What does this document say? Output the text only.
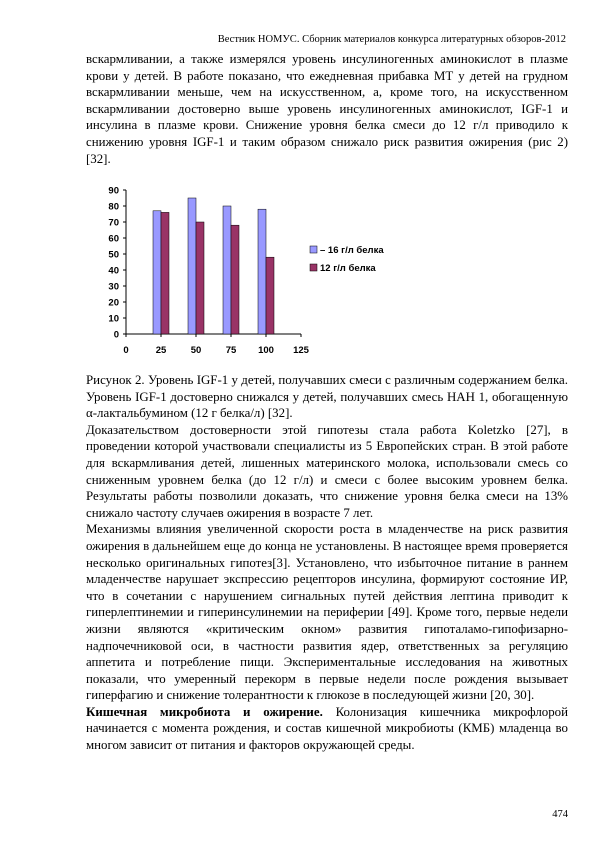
Вестник НОМУС. Сборник материалов конкурса литературных обзоров-2012

вскармливании, а также измерялся уровень инсулиногенных аминокислот в плазме крови у детей. В работе показано, что ежедневная прибавка МТ у детей на грудном вскармливании меньше, чем на искусственном, а, кроме того, на искусственном вскармливании достоверно выше уровень инсулиногенных аминокислот, IGF-1 и инсулина в плазме крови. Снижение уровня белка смеси до 12 г/л приводило к снижению уровня IGF-1 и таким образом снижало риск развития ожирения (рис 2) [32].

0
10
20
30
40
50
60
70
80
90
0	25	50	75 100 125
– 16 г/л белка
12 г/л белка

Рисунок 2. Уровень IGF-1 у детей, получавших смеси с различным содержанием белка. Уровень IGF-1 достоверно снижался у детей, получавших смесь НАН 1, обогащенную α-лактальбумином (12 г белка/л) [32].

Доказательством достоверности этой гипотезы стала работа Koletzko [27], в проведении которой участвовали специалисты из 5 Европейских стран. В этой работе для вскармливания детей, лишенных материнского молока, использовали смесь со сниженным уровнем белка (до 12 г/л) и смеси с более высоким уровнем белка. Результаты работы позволили доказать, что снижение уровня белка смеси на 13% снижало частоту случаев ожирения в возрасте 7 лет.

Механизмы влияния увеличенной скорости роста в младенчестве на риск развития ожирения в дальнейшем еще до конца не установлены. В настоящее время проверяется несколько оригинальных гипотез[3]. Установлено, что избыточное питание в раннем младенчестве нарушает экспрессию рецепторов инсулина, формируют состояние ИР, что в сочетании с нарушением сигнальных путей действия лептина приводит к гиперлептинемии и гиперинсулинемии на периферии [49]. Кроме того, первые недели жизни являются «критическим окном» развития гипоталамо-гипофизарно-надпочечниковой оси, в частности развития ядер, ответственных за регуляцию аппетита и потребление пищи. Экспериментальные исследования на животных показали, что умеренный перекорм в первые недели после рождения вызывает гиперфагию и снижение толерантности к глюкозе в последующей жизни [20, 30].

Кишечная микробиота и ожирение. Колонизация кишечника микрофлорой начинается с момента рождения, и состав кишечной микробиоты (КМБ) младенца во многом зависит от питания и факторов окружающей среды.

474
